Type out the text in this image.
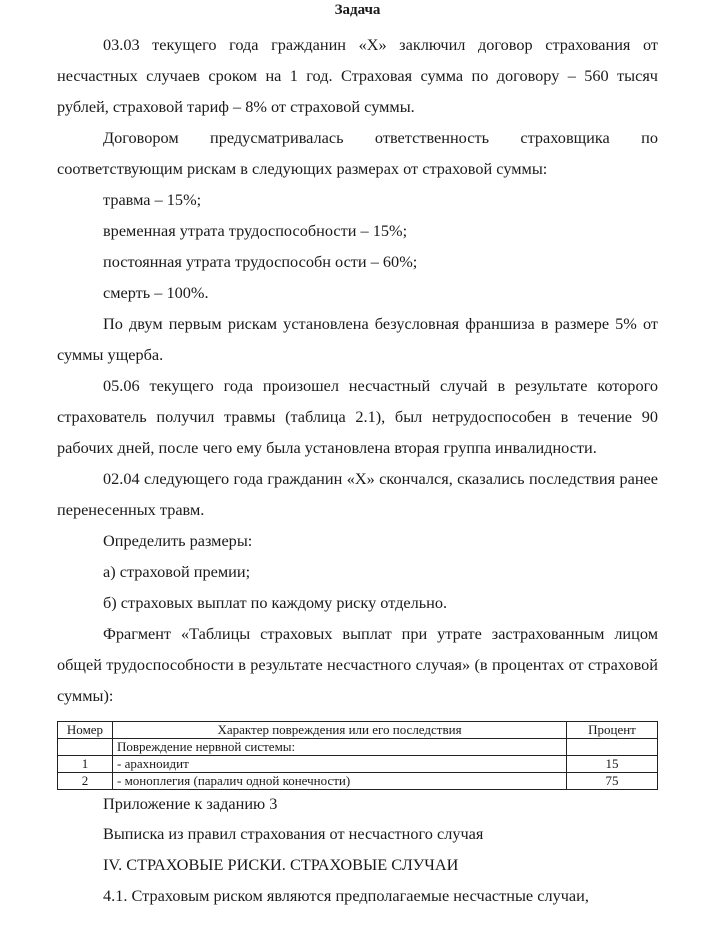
Задача
03.03 текущего года гражданин «Х» заключил договор страхования от несчастных случаев сроком на 1 год. Страховая сумма по договору – 560 тысяч рублей, страховой тариф – 8% от страховой суммы.
Договором предусматривалась ответственность страховщика по соответствующим рискам в следующих размерах от страховой суммы:
травма – 15%;
временная утрата трудоспособности – 15%;
постоянная утрата трудоспособн ости – 60%;
смерть – 100%.
По двум первым рискам установлена безусловная франшиза в размере 5% от суммы ущерба.
05.06 текущего года произошел несчастный случай в результате которого страхователь получил травмы (таблица 2.1), был нетрудоспособен в течение 90 рабочих дней, после чего ему была установлена вторая группа инвалидности.
02.04 следующего года гражданин «Х» скончался, сказались последствия ранее перенесенных травм.
Определить размеры:
а) страховой премии;
б) страховых выплат по каждому риску отдельно.
Фрагмент «Таблицы страховых выплат при утрате застрахованным лицом общей трудоспособности в результате несчастного случая» (в процентах от страховой суммы):
Номер	Характер повреждения или его последствия	Процент
	Повреждение нервной системы:	
1	- арахноидит	15
2	- моноплегия (паралич одной конечности)	75
Приложение к заданию 3
Выписка из правил страхования от несчастного случая
IV. СТРАХОВЫЕ РИСКИ. СТРАХОВЫЕ СЛУЧАИ
4.1. Страховым риском являются предполагаемые несчастные случаи,
